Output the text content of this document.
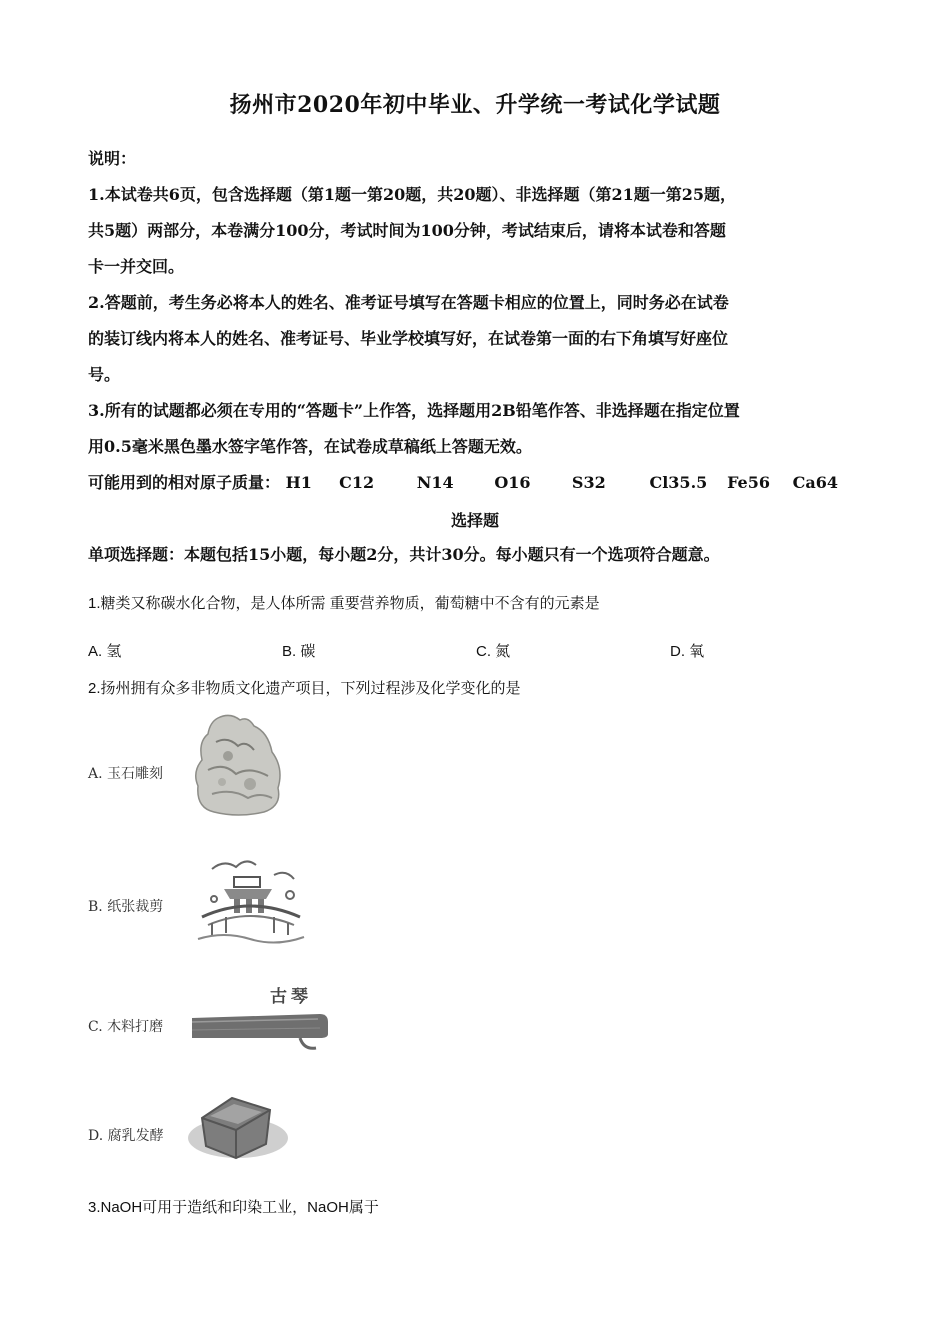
扬州市2020年初中毕业、升学统一考试化学试题
说明：
1.本试卷共6页，包含选择题（第1题一第20题，共20题）、非选择题（第21题一第25题，
共5题）两部分，本卷满分100分，考试时间为100分钟，考试结束后，请将本试卷和答题
卡一并交回。
2.答题前，考生务必将本人的姓名、准考证号填写在答题卡相应的位置上，同时务必在试卷
的装订线内将本人的姓名、准考证号、毕业学校填写好，在试卷第一面的右下角填写好座位
号。
3.所有的试题都必须在专用的“答题卡”上作答，选择题用2B铅笔作答、非选择题在指定位置
用0.5毫米黑色墨水签字笔作答，在试卷成草稿纸上答题无效。
可能用到的相对原子质量： H1 C12	N14	O16	S32	Cl35.5 Fe56 Ca64
选择题
单项选择题：本题包括15小题，每小题2分，共计30分。每小题只有一个选项符合题意。
1.糖类又称碳水化合物，是人体所需 重要营养物质，葡萄糖中不含有的元素是
A. 氢	B. 碳	C. 氮	D. 氧
2.扬州拥有众多非物质文化遗产项目，下列过程涉及化学变化的是
A. 玉石雕刻
B. 纸张裁剪
C. 木料打磨
古琴
D. 腐乳发酵
3.NaOH可用于造纸和印染工业，NaOH属于
